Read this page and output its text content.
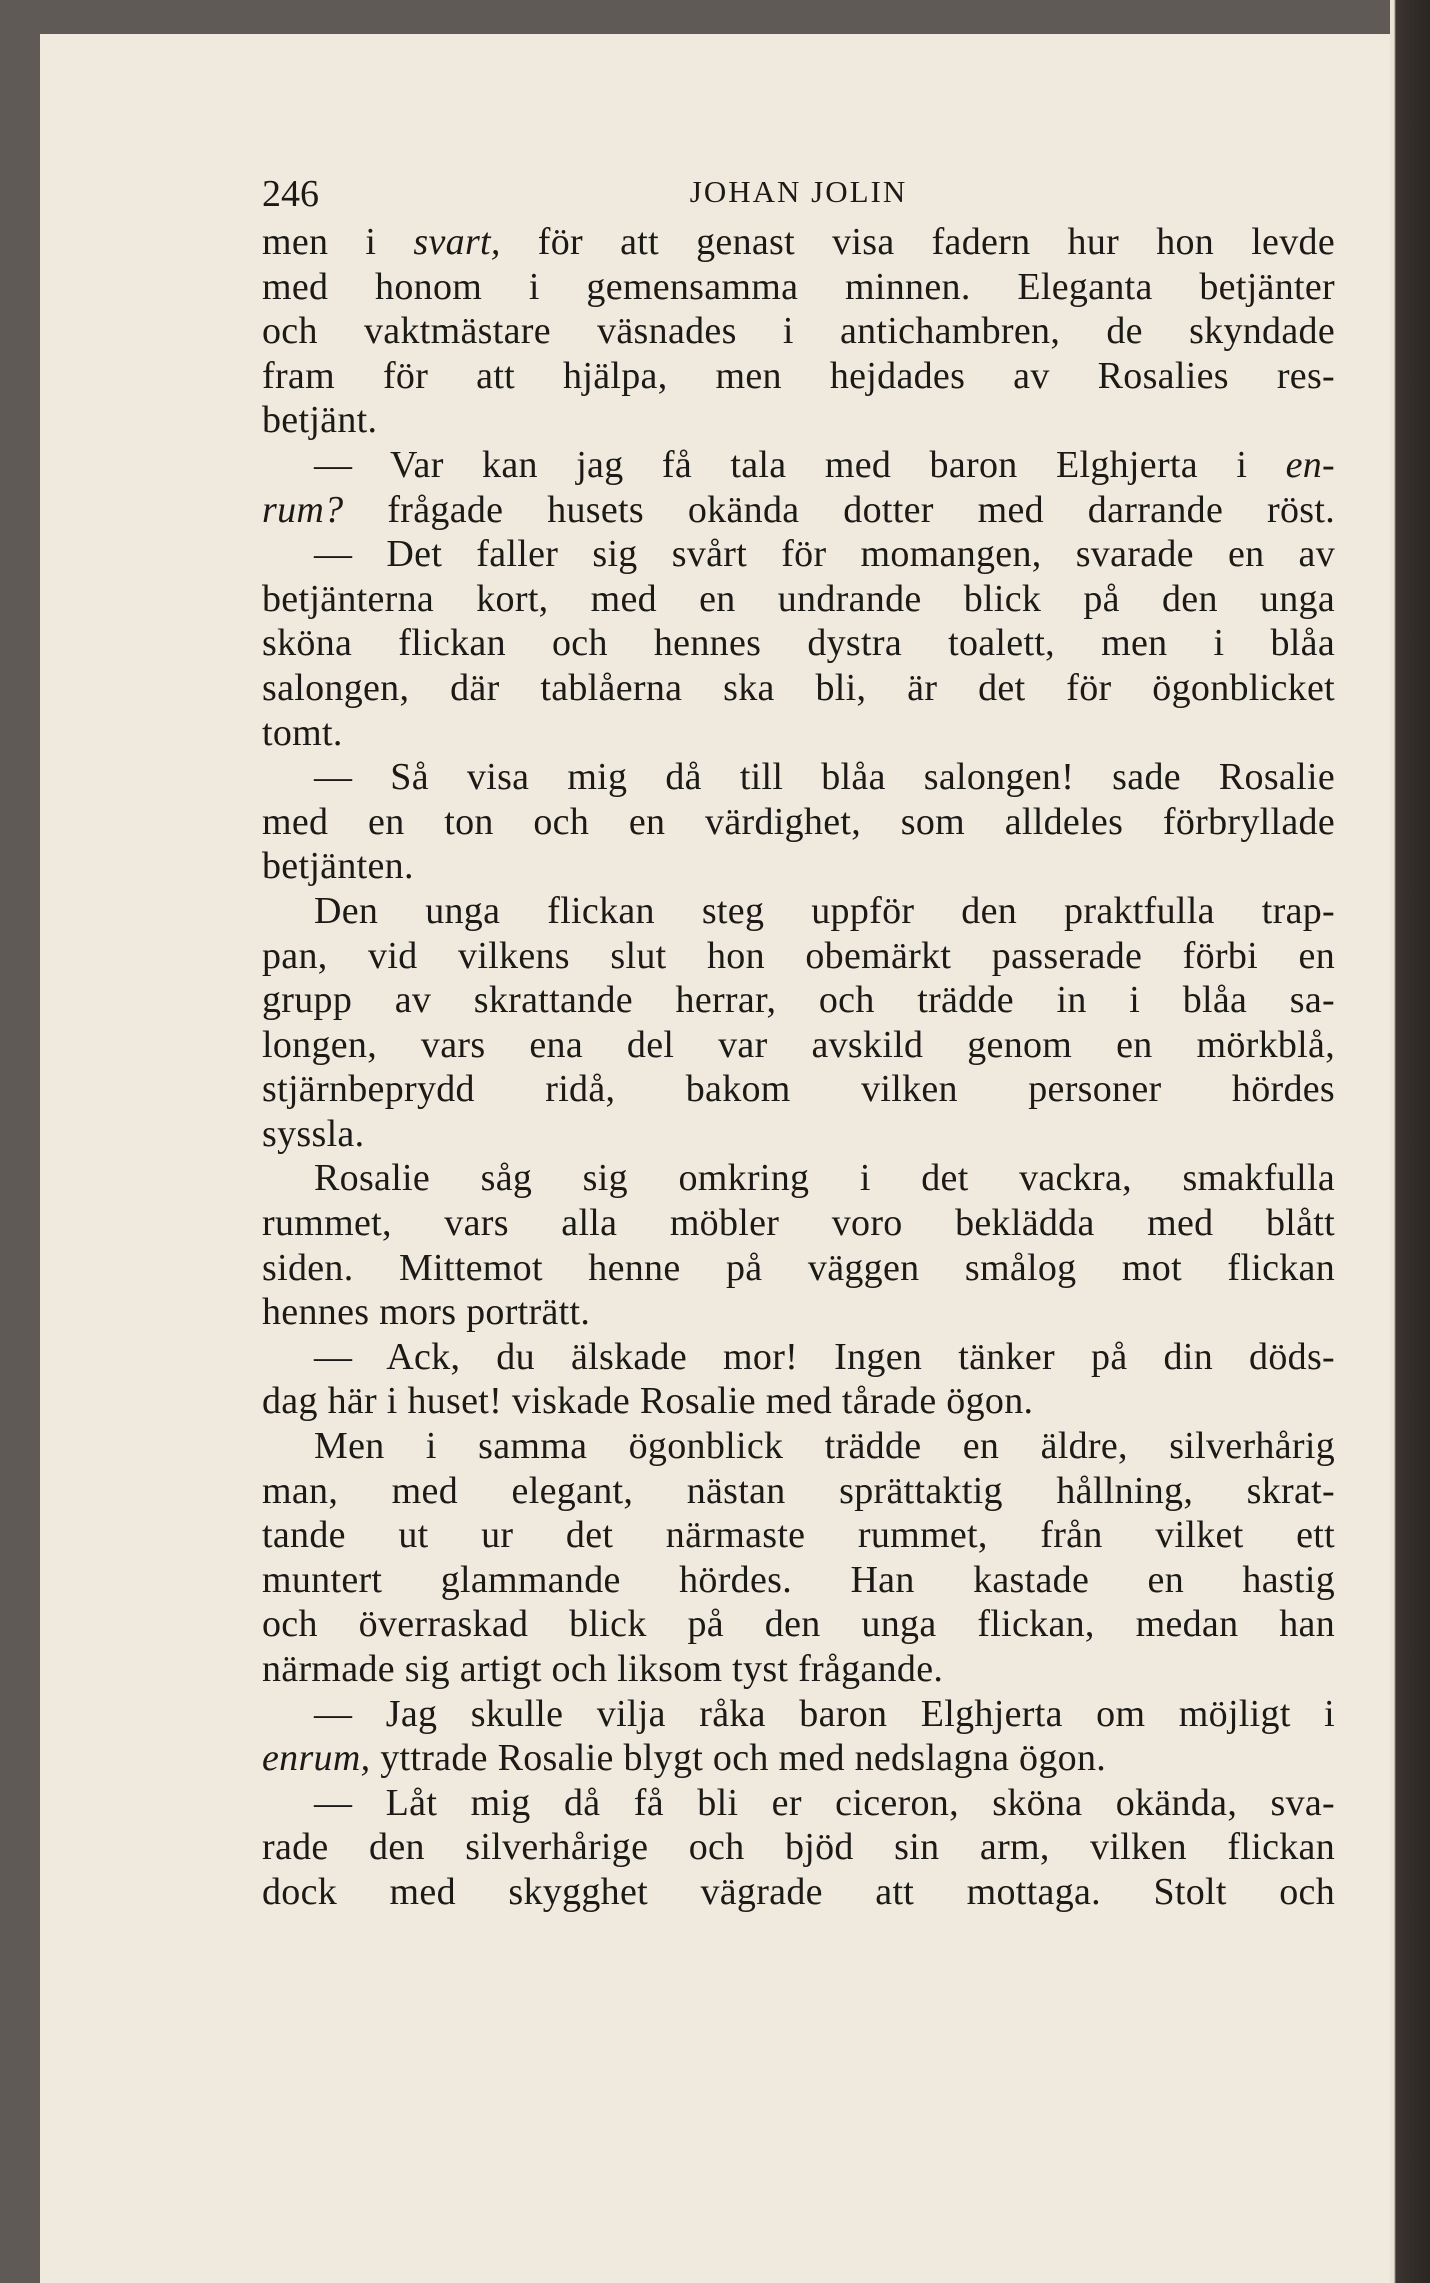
246	JOHAN JOLIN
men i svart, för att genast visa fadern hur hon levde
med honom i gemensamma minnen. Eleganta betjänter
och vaktmästare väsnades i antichambren, de skyndade
fram för att hjälpa, men hejdades av Rosalies res-
betjänt.
— Var kan jag få tala med baron Elghjerta i en-
rum? frågade husets okända dotter med darrande röst.
— Det faller sig svårt för momangen, svarade en av
betjänterna kort, med en undrande blick på den unga
sköna flickan och hennes dystra toalett, men i blåa
salongen, där tablåerna ska bli, är det för ögonblicket
tomt.
— Så visa mig då till blåa salongen! sade Rosalie
med en ton och en värdighet, som alldeles förbryllade
betjänten.
Den unga flickan steg uppför den praktfulla trap-
pan, vid vilkens slut hon obemärkt passerade förbi en
grupp av skrattande herrar, och trädde in i blåa sa-
longen, vars ena del var avskild genom en mörkblå,
stjärnbeprydd ridå, bakom vilken personer hördes
syssla.
Rosalie såg sig omkring i det vackra, smakfulla
rummet, vars alla möbler voro beklädda med blått
siden. Mittemot henne på väggen smålog mot flickan
hennes mors porträtt.
— Ack, du älskade mor! Ingen tänker på din döds-
dag här i huset! viskade Rosalie med tårade ögon.
Men i samma ögonblick trädde en äldre, silverhårig
man, med elegant, nästan sprättaktig hållning, skrat-
tande ut ur det närmaste rummet, från vilket ett
muntert glammande hördes. Han kastade en hastig
och överraskad blick på den unga flickan, medan han
närmade sig artigt och liksom tyst frågande.
— Jag skulle vilja råka baron Elghjerta om möjligt i
enrum, yttrade Rosalie blygt och med nedslagna ögon.
— Låt mig då få bli er ciceron, sköna okända, sva-
rade den silverhårige och bjöd sin arm, vilken flickan
dock med skygghet vägrade att mottaga. Stolt och
